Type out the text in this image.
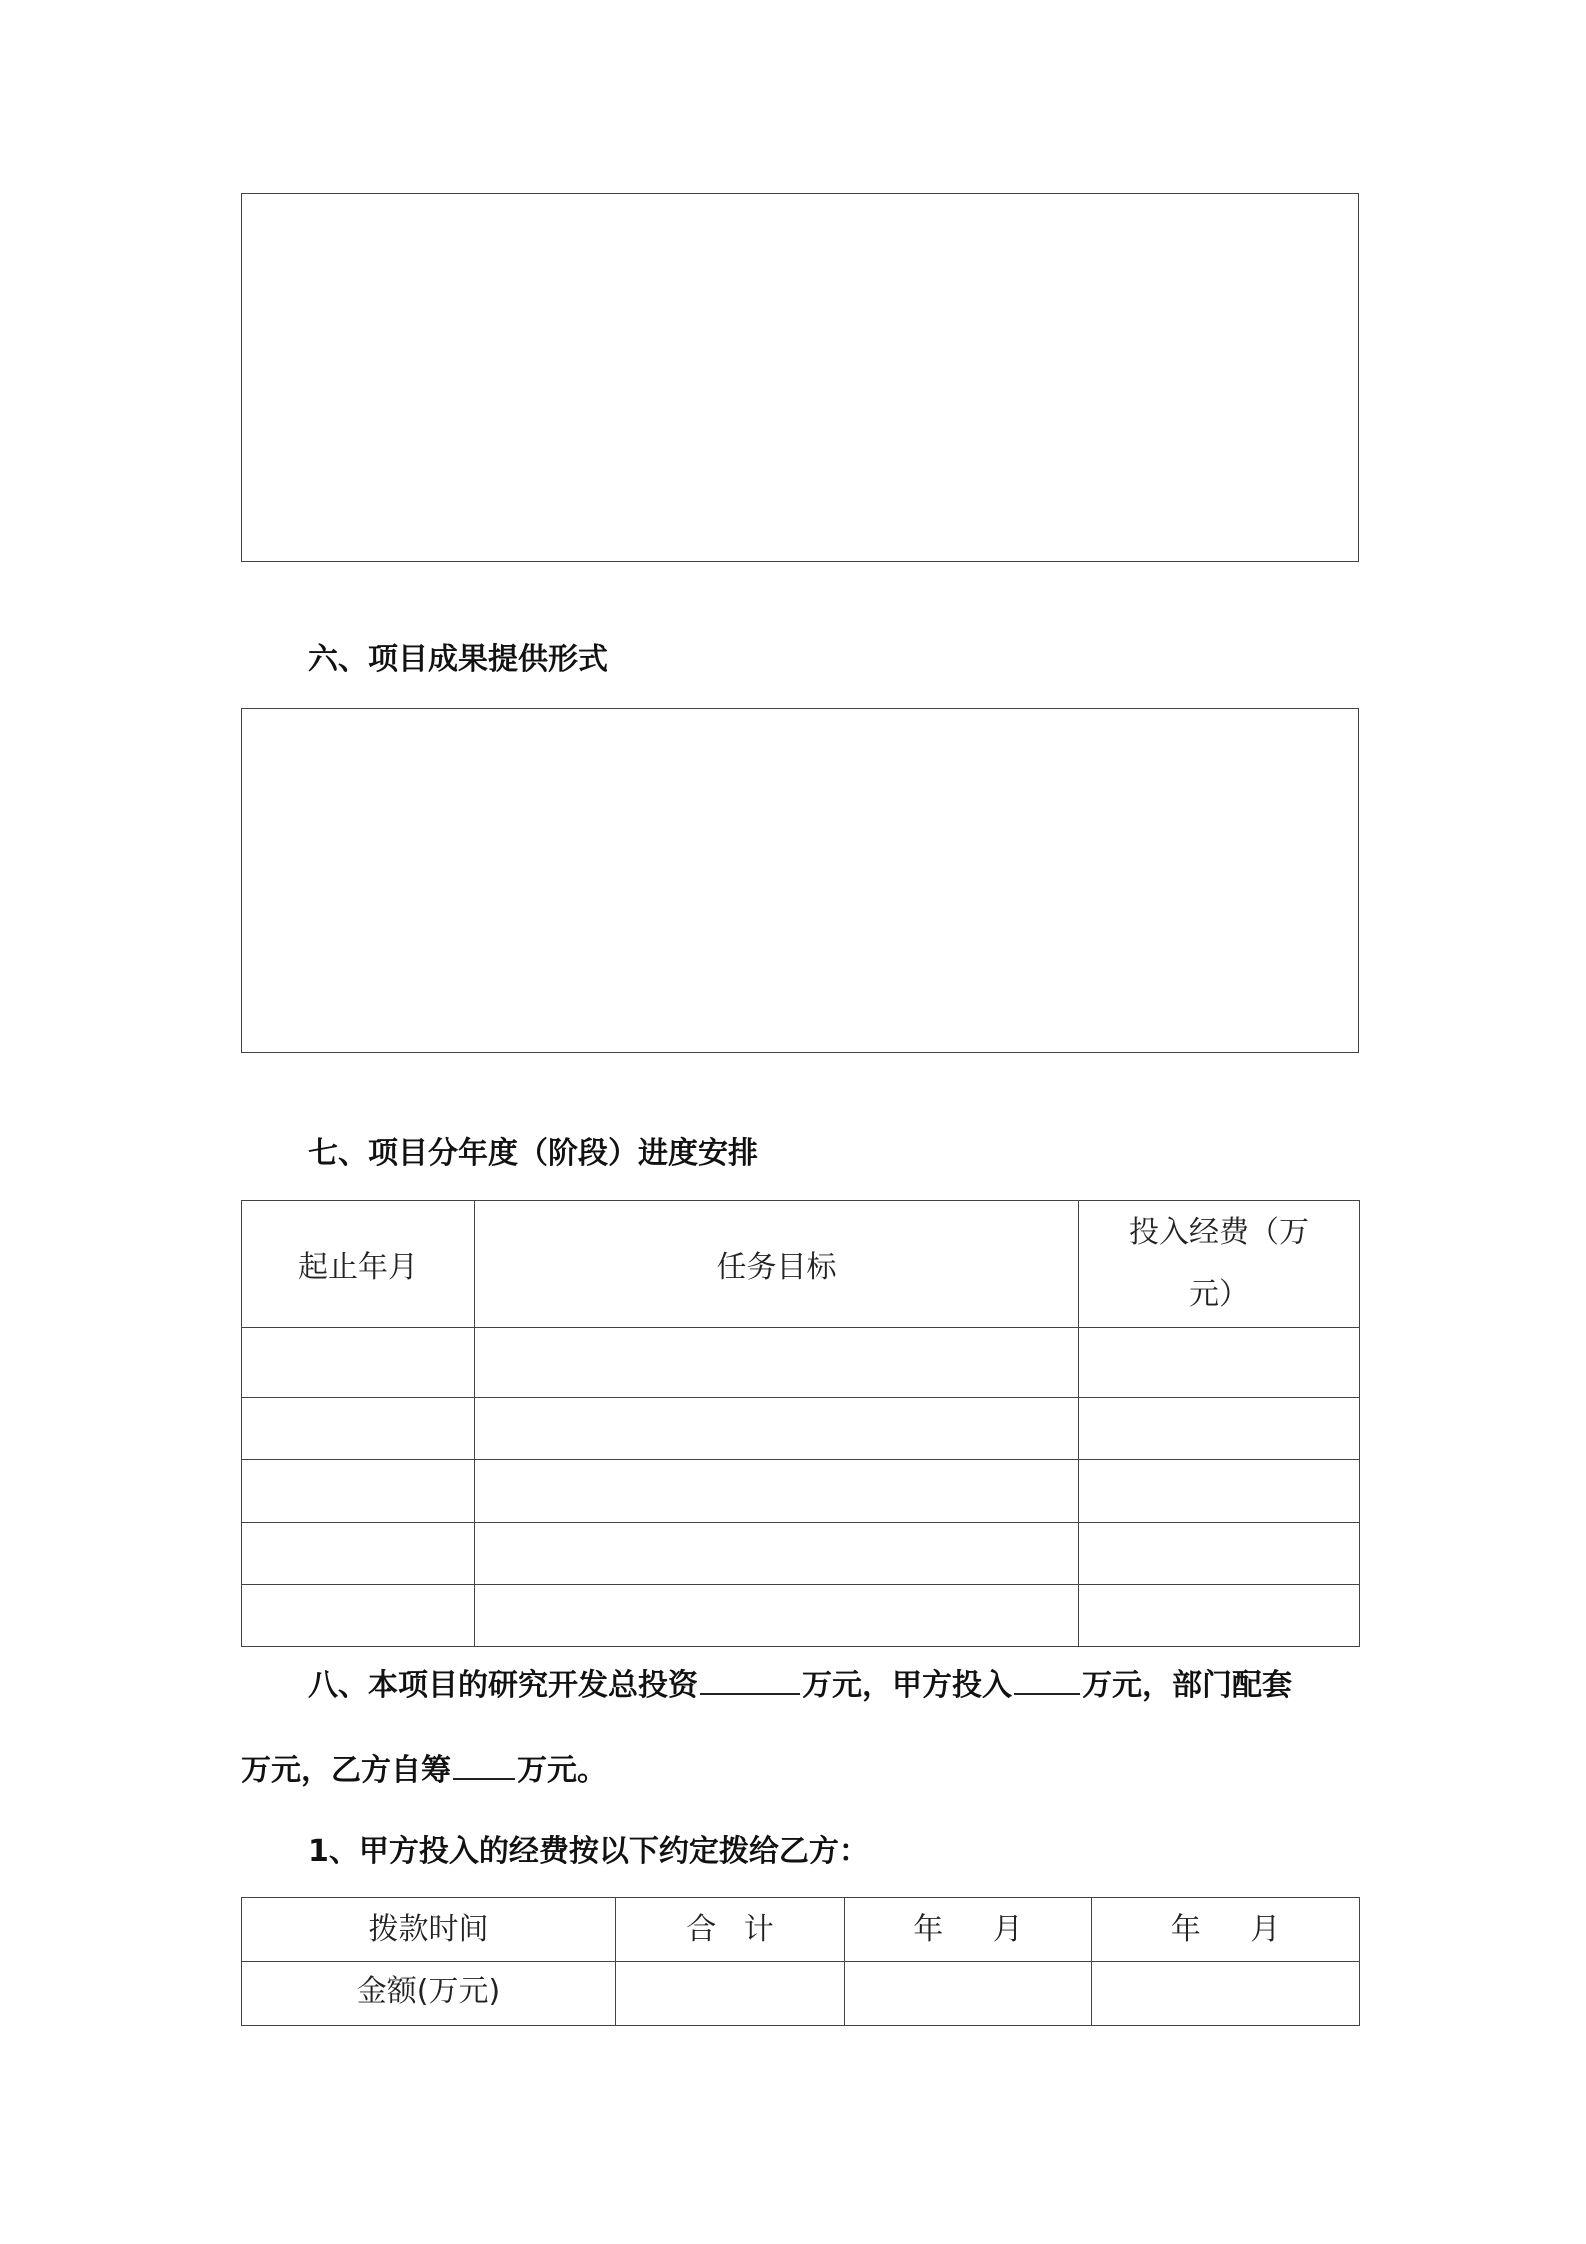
六、项目成果提供形式
七、项目分年度（阶段）进度安排
起止年月	任务目标	投入经费（万元）

八、本项目的研究开发总投资	万元，甲方投入 万元，部门配套
万元，乙方自筹 万元。
1、甲方投入的经费按以下约定拨给乙方：
拨款时间	合 计	年 月	年 月
金额(万元)			
